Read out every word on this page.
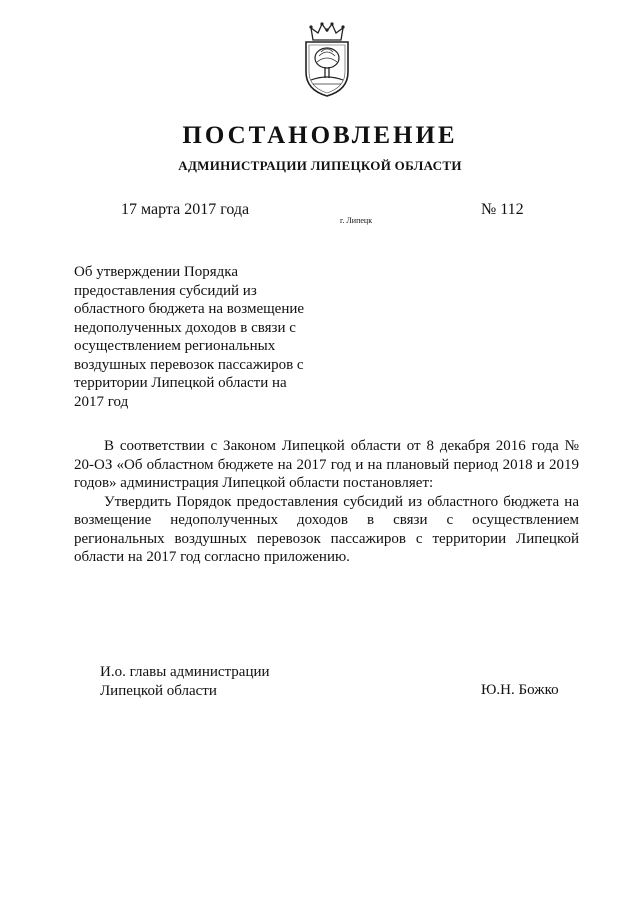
ПОСТАНОВЛЕНИЕ
АДМИНИСТРАЦИИ ЛИПЕЦКОЙ ОБЛАСТИ
17 марта 2017 года
г. Липецк
№ 112
Об утверждении Порядка
предоставления субсидий из
областного бюджета на возмещение
недополученных доходов в связи с
осуществлением региональных
воздушных перевозок пассажиров с
территории Липецкой области на
2017 год

В соответствии с Законом Липецкой области от 8 декабря 2016 года № 20-ОЗ «Об областном бюджете на 2017 год и на плановый период 2018 и 2019 годов» администрация Липецкой области постановляет:

Утвердить Порядок предоставления субсидий из областного бюджета на возмещение недополученных доходов в связи с осуществлением региональных воздушных перевозок пассажиров с территории Липецкой области на 2017 год согласно приложению.

И.о. главы администрации
Липецкой области	Ю.Н. Божко
